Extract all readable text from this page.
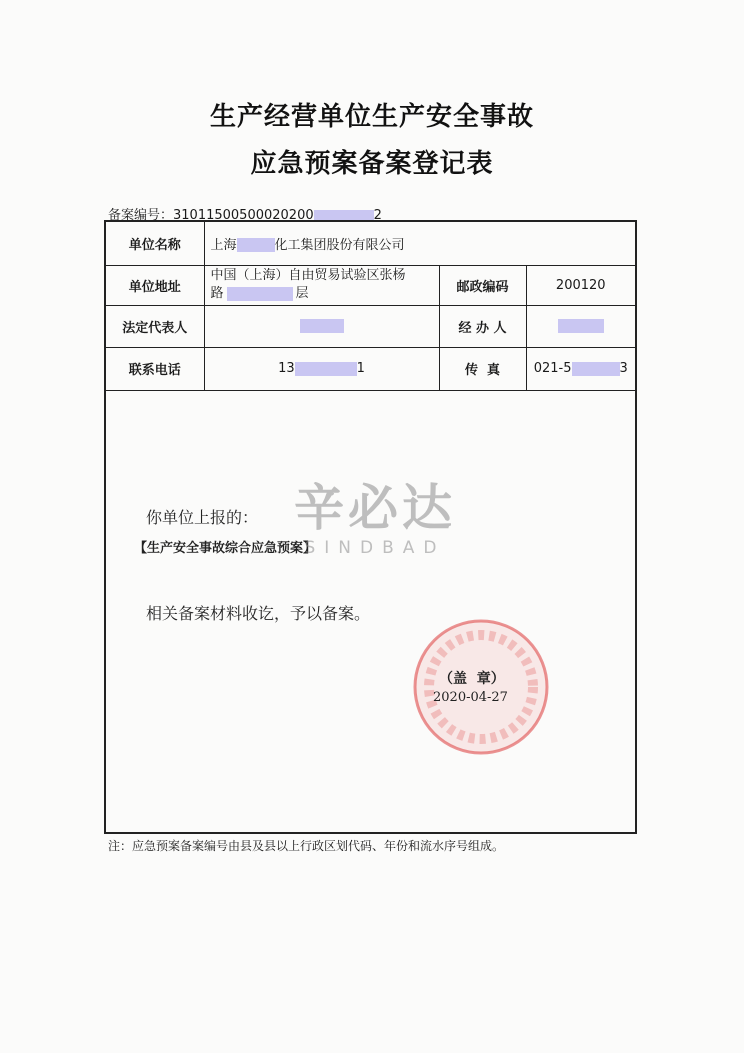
生产经营单位生产安全事故
应急预案备案登记表
备案编号：31011500500020200	2
单位名称	上海 化工集团股份有限公司		
单位地址	中国（上海）自由贸易试验区张杨
路 层	邮政编码	200120
法定代表人		经 办 人	
联系电话	13 1	传  真	021-5 3
你单位上报的：
【生产安全事故综合应急预案】
相关备案材料收讫，予以备案。
（盖  章）
2020-04-27
辛必达
SINDBAD
注：应急预案备案编号由县及县以上行政区划代码、年份和流水序号组成。
